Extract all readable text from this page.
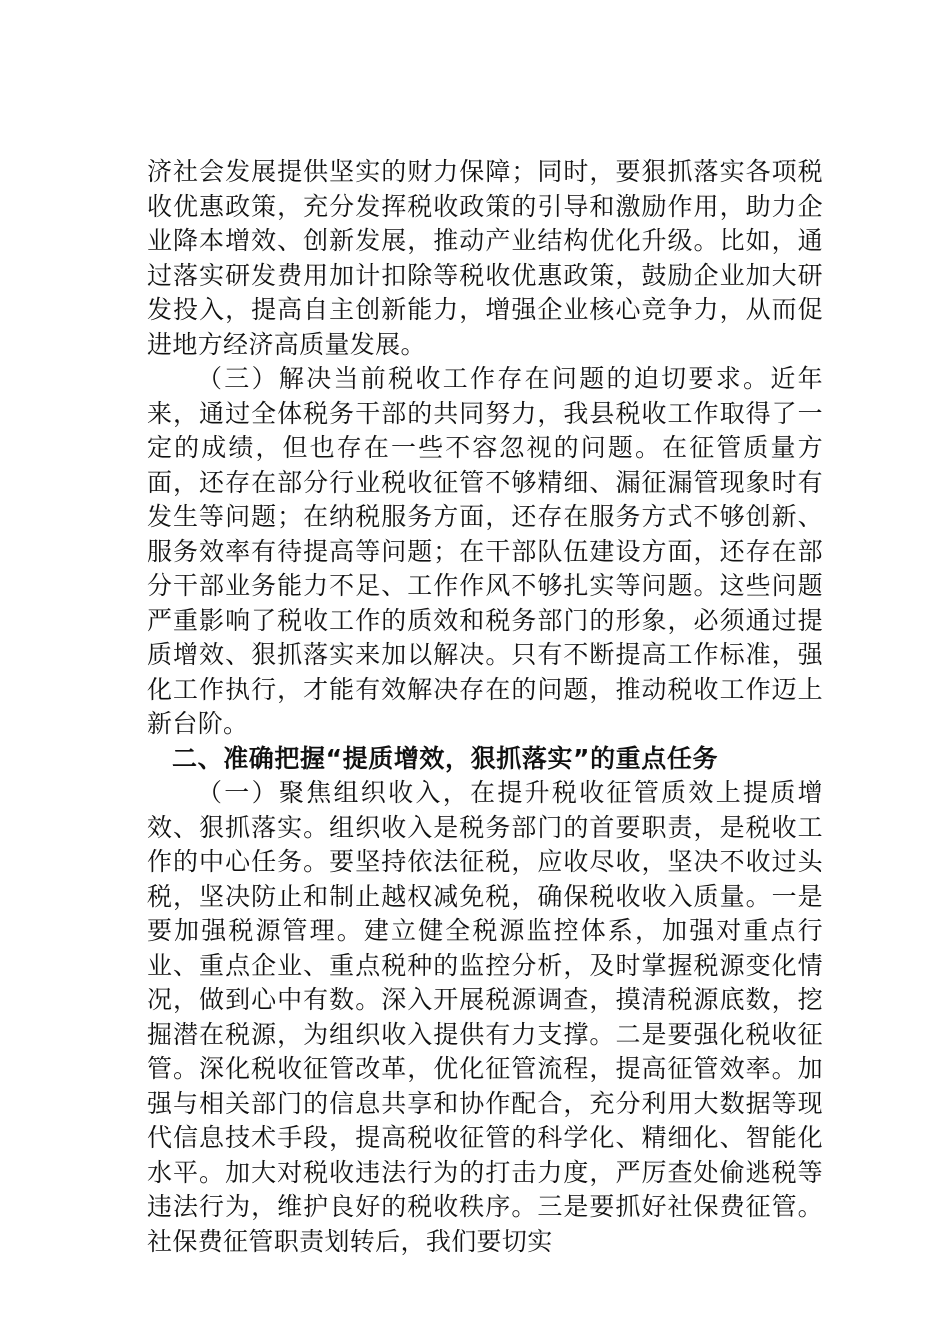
济社会发展提供坚实的财力保障；同时，要狠抓落实各项税收优惠政策，充分发挥税收政策的引导和激励作用，助力企业降本增效、创新发展，推动产业结构优化升级。比如，通过落实研发费用加计扣除等税收优惠政策，鼓励企业加大研发投入，提高自主创新能力，增强企业核心竞争力，从而促进地方经济高质量发展。

（三）解决当前税收工作存在问题的迫切要求。近年来，通过全体税务干部的共同努力，我县税收工作取得了一定的成绩，但也存在一些不容忽视的问题。在征管质量方面，还存在部分行业税收征管不够精细、漏征漏管现象时有发生等问题；在纳税服务方面，还存在服务方式不够创新、服务效率有待提高等问题；在干部队伍建设方面，还存在部分干部业务能力不足、工作作风不够扎实等问题。这些问题严重影响了税收工作的质效和税务部门的形象，必须通过提质增效、狠抓落实来加以解决。只有不断提高工作标准，强化工作执行，才能有效解决存在的问题，推动税收工作迈上新台阶。

二、准确把握“提质增效，狠抓落实”的重点任务

（一）聚焦组织收入，在提升税收征管质效上提质增效、狠抓落实。组织收入是税务部门的首要职责，是税收工作的中心任务。要坚持依法征税，应收尽收，坚决不收过头税，坚决防止和制止越权减免税，确保税收收入质量。一是要加强税源管理。建立健全税源监控体系，加强对重点行业、重点企业、重点税种的监控分析，及时掌握税源变化情况，做到心中有数。深入开展税源调查，摸清税源底数，挖掘潜在税源，为组织收入提供有力支撑。二是要强化税收征管。深化税收征管改革，优化征管流程，提高征管效率。加强与相关部门的信息共享和协作配合，充分利用大数据等现代信息技术手段，提高税收征管的科学化、精细化、智能化水平。加大对税收违法行为的打击力度，严厉查处偷逃税等违法行为，维护良好的税收秩序。三是要抓好社保费征管。社保费征管职责划转后，我们要切实
